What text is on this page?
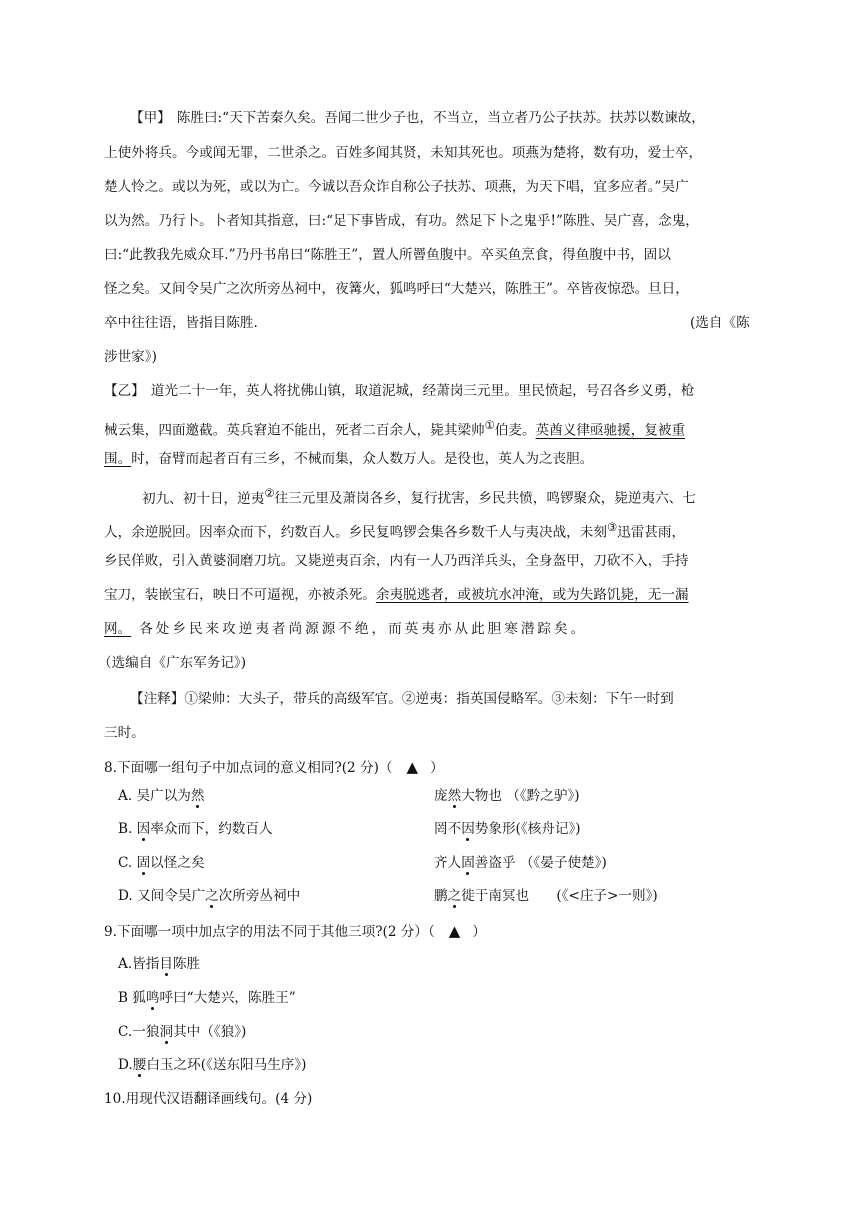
【甲】 陈胜曰:“天下苦秦久矣。吾闻二世少子也，不当立，当立者乃公子扶苏。扶苏以数谏故，
上使外将兵。今或闻无罪，二世杀之。百姓多闻其贤，未知其死也。项燕为楚将，数有功，爱士卒，
楚人怜之。或以为死，或以为亡。今诚以吾众诈自称公子扶苏、项燕，为天下唱，宜多应者。”吴广
以为然。乃行卜。卜者知其指意，曰:“足下事皆成，有功。然足下卜之鬼乎!”陈胜、吴广喜，念鬼，
曰:“此教我先威众耳.”乃丹书帛曰“陈胜王”，置人所罾鱼腹中。卒买鱼烹食，得鱼腹中书，固以
怪之矣。又间令吴广之次所旁丛祠中，夜篝火，狐鸣呼曰“大楚兴，陈胜王”。卒皆夜惊恐。旦日，
卒中往往语，皆指目陈胜.	(选自《陈
涉世家》)
【乙】 道光二十一年，英人将扰佛山镇，取道泥城，经萧岗三元里。里民愤起，号召各乡义勇，枪
械云集，四面邀截。英兵窘迫不能出，死者二百余人，毙其梁帅①伯麦。英酋义律亟驰援，复被重
围。时，奋臂而起者百有三乡，不械而集，众人数万人。是役也，英人为之丧胆。
初九、初十日，逆夷②往三元里及萧岗各乡，复行扰害，乡民共愤，鸣锣聚众，毙逆夷六、七
人，余逆脱回。因率众而下，约数百人。乡民复鸣锣会集各乡数千人与夷决战，未刻③迅雷甚雨，
乡民佯败，引入黄婆洞磨刀坑。又毙逆夷百余，内有一人乃西洋兵头，全身盔甲，刀砍不入，手持
宝刀，装嵌宝石，映日不可逼视，亦被杀死。余夷脱逃者，或被坑水冲淹，或为失路饥毙，无一漏
网。 各处乡民来攻逆夷者尚源源不绝，而英夷亦从此胆寒潜踪矣。
（选编自《广东军务记》)
【注释】①梁帅：大头子，带兵的高级军官。②逆夷：指英国侵略军。③未刻：下午一时到
三时。
8.下面哪一组句子中加点词的意义相同?(2 分)（ ▲ ）
A. 吴广以为然	庞然大物也 （《黔之驴》)
B. 因率众而下，约数百人	罔不因势象形(《核舟记》)
C. 固以怪之矣	齐人固善盗乎 （《晏子使楚》)
D. 又间令吴广之次所旁丛祠中	鹏之徙于南冥也　　(《<庄子>一则》)
9.下面哪一项中加点字的用法不同于其他三项?(2 分）（ ▲ ）
A.皆指目陈胜
B 狐鸣呼曰“大楚兴，陈胜王”
C.一狼洞其中（《狼》)
D.腰白玉之环(《送东阳马生序》)
10.用现代汉语翻译画线句。(4 分)
